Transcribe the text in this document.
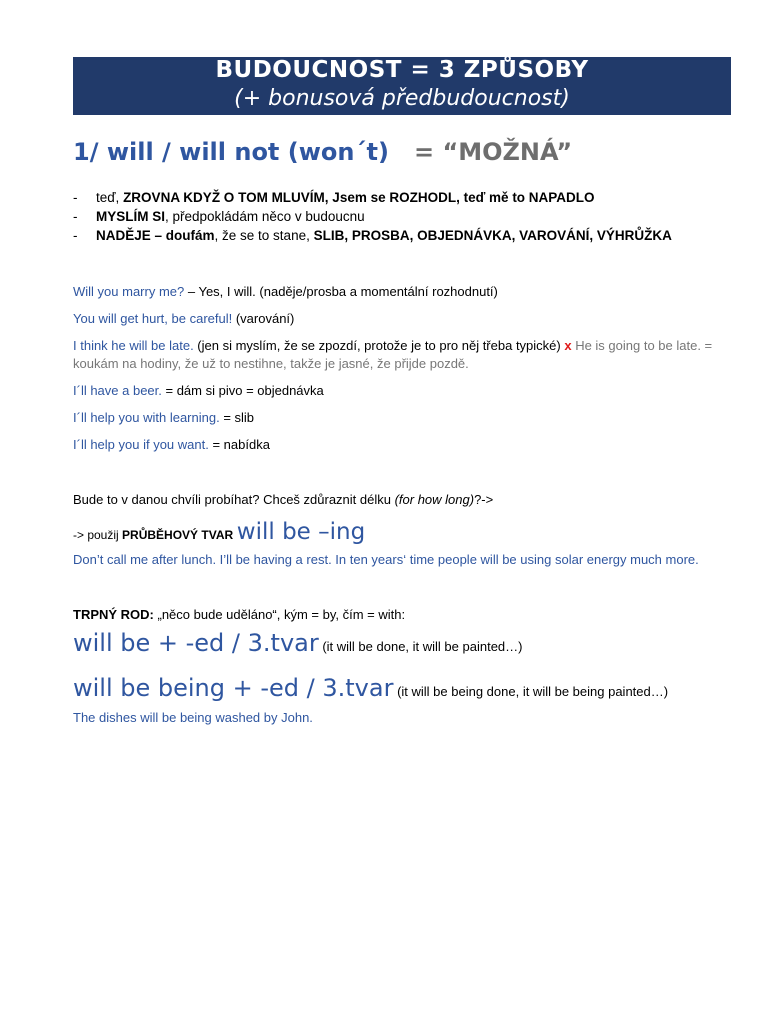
BUDOUCNOST = 3 ZPŮSOBY
(+ bonusová předbudoucnost)
1/ will / will not (won´t) = “MOŽNÁ”
- teď, ZROVNA KDYŽ O TOM MLUVÍM, Jsem se ROZHODL, teď mě to NAPADLO
- MYSLÍM SI, předpokládám něco v budoucnu
- NADĚJE – doufám, že se to stane, SLIB, PROSBA, OBJEDNÁVKA, VAROVÁNÍ, VÝHRŮŽKA

Will you marry me? – Yes, I will. (naděje/prosba a momentální rozhodnutí)

You will get hurt, be careful! (varování)

I think he will be late. (jen si myslím, že se zpozdí, protože je to pro něj třeba typické) x He is going to be late. = koukám na hodiny, že už to nestihne, takže je jasné, že přijde pozdě.

I´ll have a beer. = dám si pivo = objednávka

I´ll help you with learning. = slib

I´ll help you if you want. = nabídka

Bude to v danou chvíli probíhat? Chceš zdůraznit délku (for how long)?->

-> použij PRŮBĚHOVÝ TVAR will be –ing

Don’t call me after lunch. I’ll be having a rest. In ten years‘ time people will be using solar energy much more.

TRPNÝ ROD: „něco bude uděláno“, kým = by, čím = with:

will be + -ed / 3.tvar (it will be done, it will be painted…)

will be being + -ed / 3.tvar (it will be being done, it will be being painted…)

The dishes will be being washed by John.
